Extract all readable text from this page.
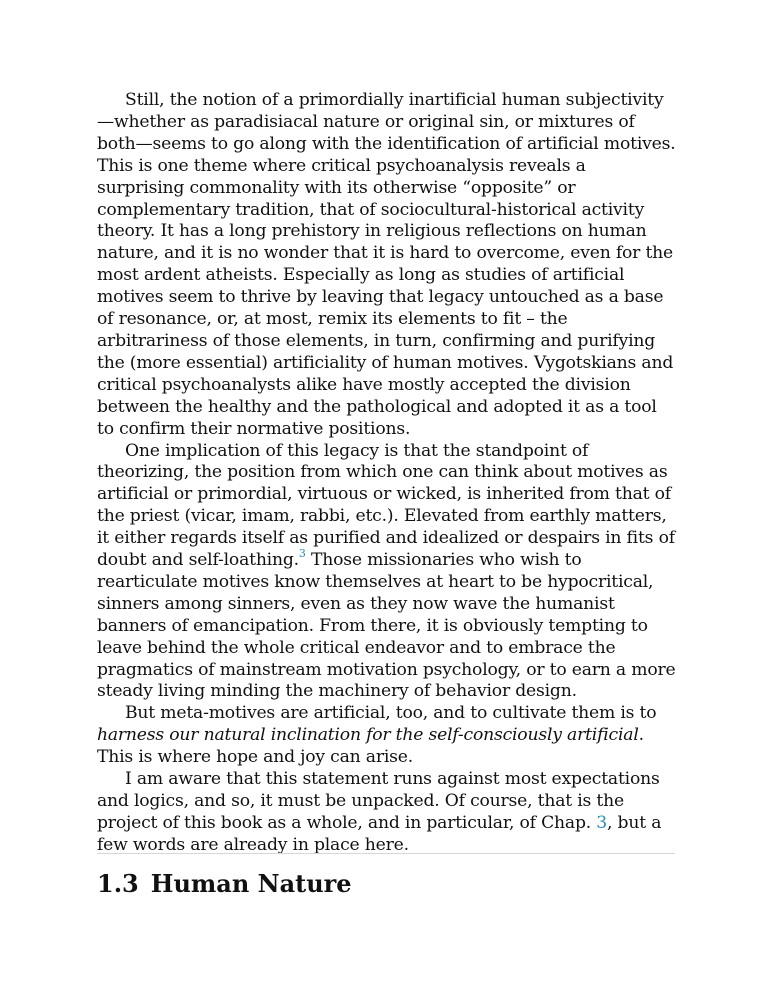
Still, the notion of a primordially inartificial human subjectivity—whether as paradisiacal nature or original sin, or mixtures of both—seems to go along with the identification of artificial motives. This is one theme where critical psychoanalysis reveals a surprising commonality with its otherwise “opposite” or complementary tradition, that of sociocultural-historical activity theory. It has a long prehistory in religious reflections on human nature, and it is no wonder that it is hard to overcome, even for the most ardent atheists. Especially as long as studies of artificial motives seem to thrive by leaving that legacy untouched as a base of resonance, or, at most, remix its elements to fit – the arbitrariness of those elements, in turn, confirming and purifying the (more essential) artificiality of human motives. Vygotskians and critical psychoanalysts alike have mostly accepted the division between the healthy and the pathological and adopted it as a tool to confirm their normative positions.

One implication of this legacy is that the standpoint of theorizing, the position from which one can think about motives as artificial or primordial, virtuous or wicked, is inherited from that of the priest (vicar, imam, rabbi, etc.). Elevated from earthly matters, it either regards itself as purified and idealized or despairs in fits of doubt and self-loathing.$^3$ Those missionaries who wish to rearticulate motives know themselves at heart to be hypocritical, sinners among sinners, even as they now wave the humanist banners of emancipation. From there, it is obviously tempting to leave behind the whole critical endeavor and to embrace the pragmatics of mainstream motivation psychology, or to earn a more steady living minding the machinery of behavior design.

But meta-motives are artificial, too, and to cultivate them is to harness our natural inclination for the self-consciously artificial. This is where hope and joy can arise.

I am aware that this statement runs against most expectations and logics, and so, it must be unpacked. Of course, that is the project of this book as a whole, and in particular, of Chap. 3, but a few words are already in place here.

1.3 Human Nature
